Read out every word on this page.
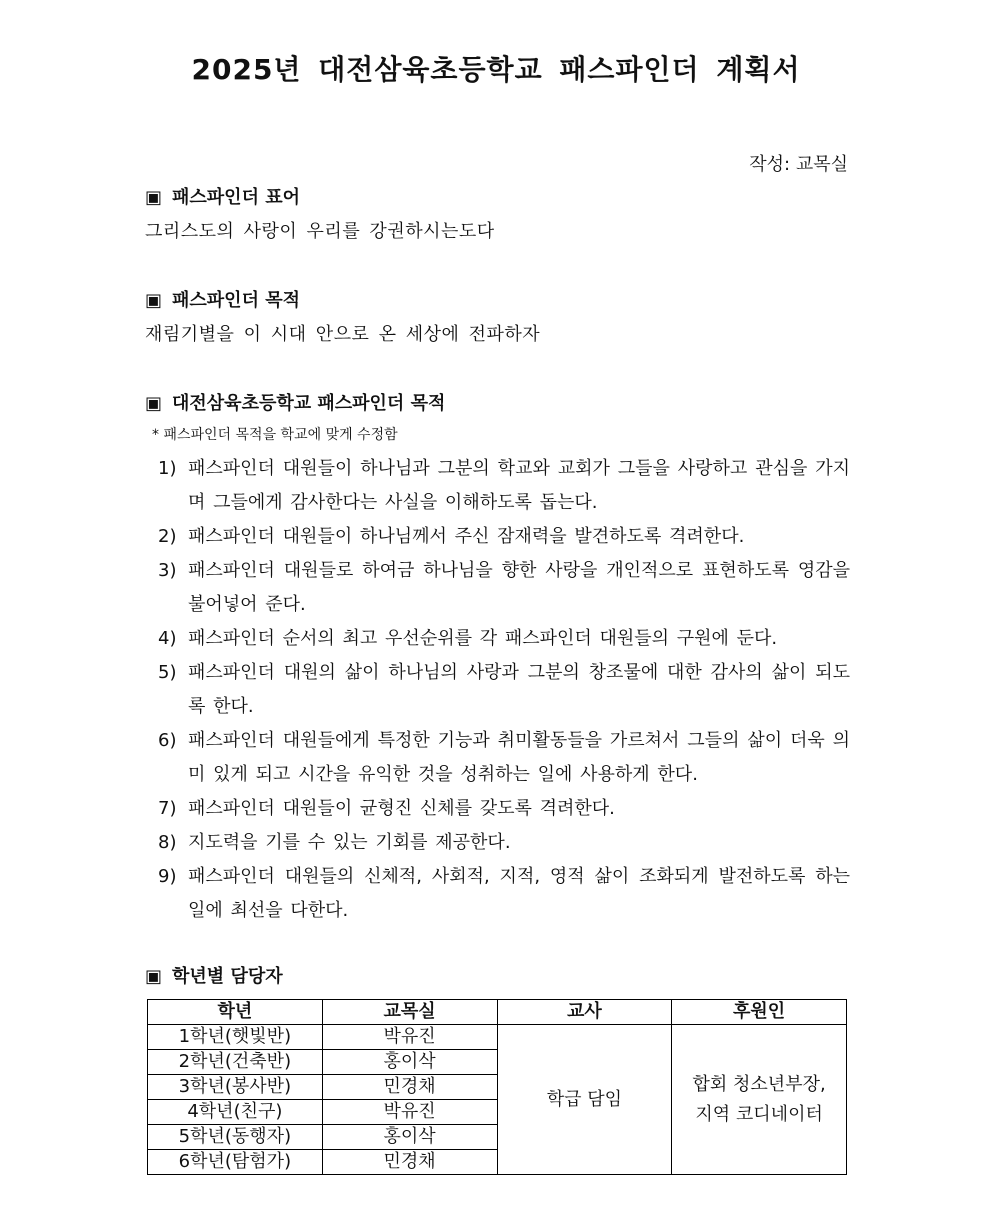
2025년 대전삼육초등학교 패스파인더 계획서
작성: 교목실
▣ 패스파인더 표어
그리스도의 사랑이 우리를 강권하시는도다
▣ 패스파인더 목적
재림기별을 이 시대 안으로 온 세상에 전파하자
▣ 대전삼육초등학교 패스파인더 목적
* 패스파인더 목적을 학교에 맞게 수정함
1) 패스파인더 대원들이 하나님과 그분의 학교와 교회가 그들을 사랑하고 관심을 가지며 그들에게 감사한다는 사실을 이해하도록 돕는다.
2) 패스파인더 대원들이 하나님께서 주신 잠재력을 발견하도록 격려한다.
3) 패스파인더 대원들로 하여금 하나님을 향한 사랑을 개인적으로 표현하도록 영감을 불어넣어 준다.
4) 패스파인더 순서의 최고 우선순위를 각 패스파인더 대원들의 구원에 둔다.
5) 패스파인더 대원의 삶이 하나님의 사랑과 그분의 창조물에 대한 감사의 삶이 되도록 한다.
6) 패스파인더 대원들에게 특정한 기능과 취미활동들을 가르쳐서 그들의 삶이 더욱 의미 있게 되고 시간을 유익한 것을 성취하는 일에 사용하게 한다.
7) 패스파인더 대원들이 균형진 신체를 갖도록 격려한다.
8) 지도력을 기를 수 있는 기회를 제공한다.
9) 패스파인더 대원들의 신체적, 사회적, 지적, 영적 삶이 조화되게 발전하도록 하는 일에 최선을 다한다.
▣ 학년별 담당자
학년	교목실	교사	후원인
1학년(햇빛반)	박유진	학급 담임	합회 청소년부장,
지역 코디네이터

2학년(건축반)	홍이삭		
3학년(봉사반)	민경채		
4학년(친구)	박유진		
5학년(동행자)	홍이삭		
6학년(탐험가)	민경채		
